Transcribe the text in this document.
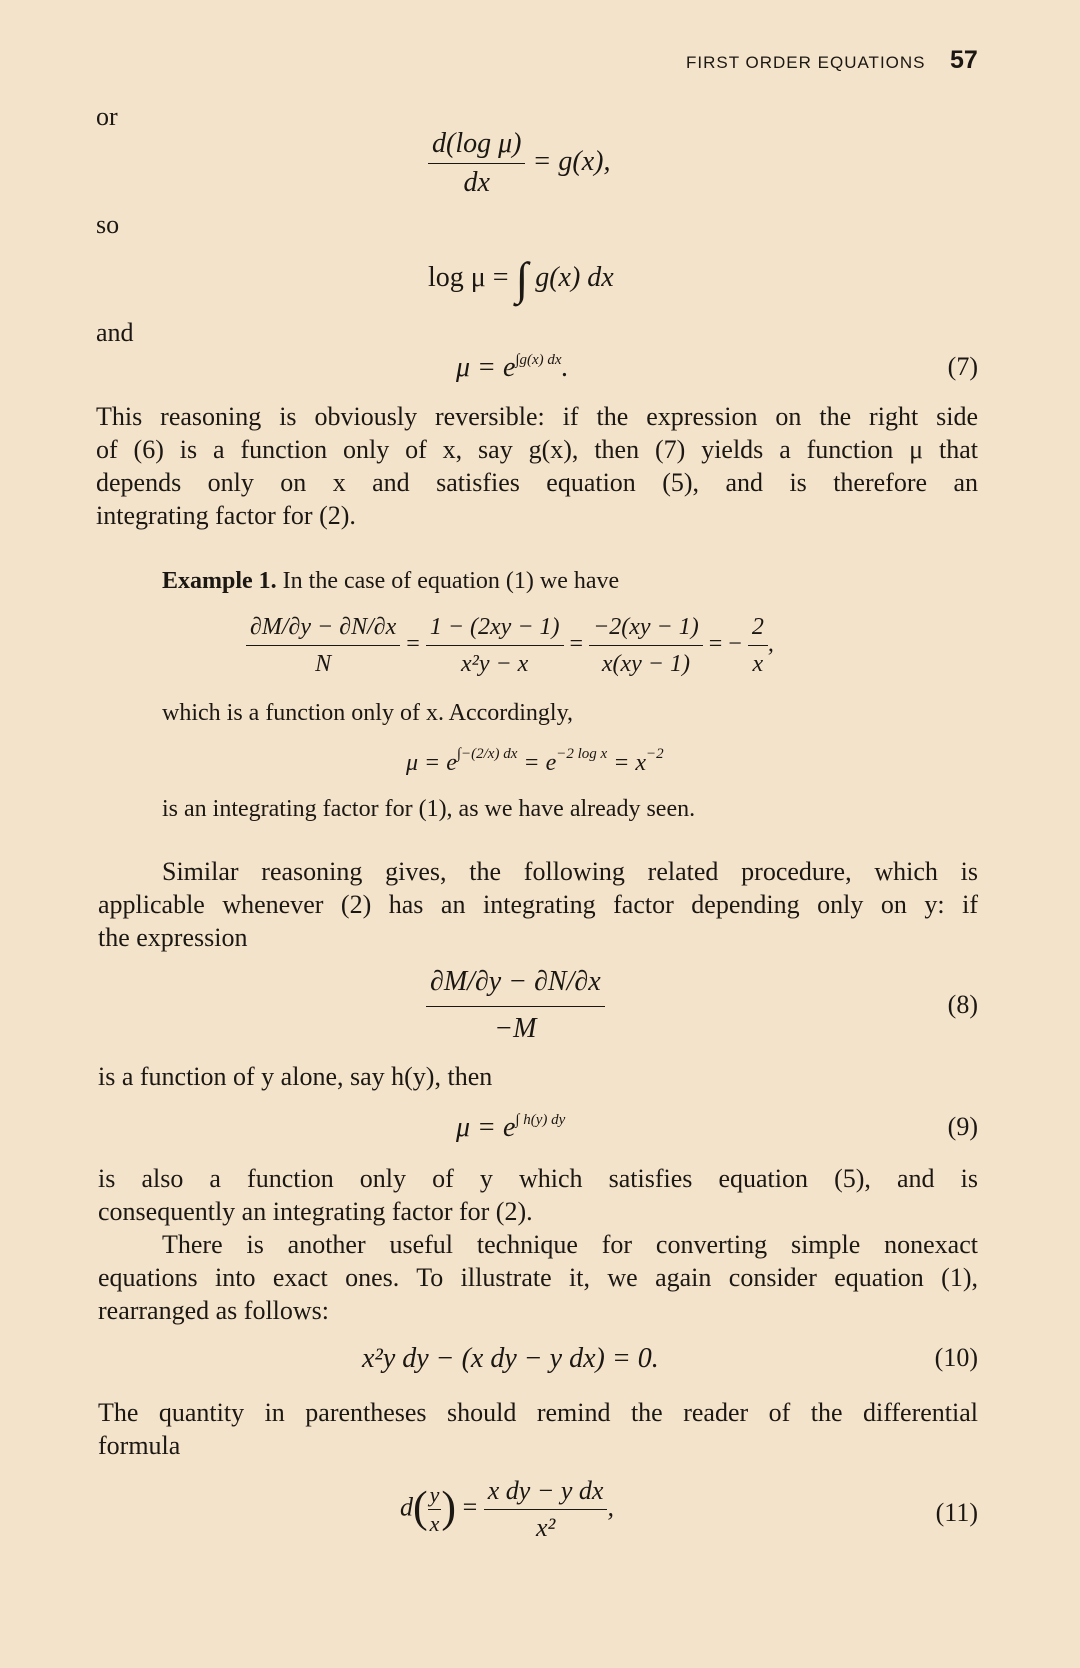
FIRST ORDER EQUATIONS 57
or
$\frac{\text{d(log μ)}}{dx} = g(x)$,
so
log μ = ∫ g(x) dx
and
$\mu = e^{\int g(x) dx}$.	(7)
This reasoning is obviously reversible: if the expression on the right side
of (6) is a function only of x, say g(x), then (7) yields a function μ that
depends only on x and satisfies equation (5), and is therefore an
integrating factor for (2).
Example 1. In the case of equation (1) we have
$\frac{\partial M/\partial y - \partial N/\partial x}{N} = \frac{1 - (2xy - 1)}{\text{x²y − x}} = \frac{-2(xy - 1)}{x(xy - 1)}$ = − $\frac{2}{x}$ ,
which is a function only of x. Accordingly,
$\mu = e^{\int-(2/x) dx} = e^{-2 log x} = x^{-2}$
is an integrating factor for (1), as we have already seen.
Similar reasoning gives, the following related procedure, which is
applicable whenever (2) has an integrating factor depending only on y: if
the expression
$\frac{\partial M/\partial y - \partial N/\partial x}{-M}$	(8)
is a function of y alone, say h(y), then
$\mu = e^{\int h(y) dy}$	(9)
is also a function only of y which satisfies equation (5), and is
consequently an integrating factor for (2).
There is another useful technique for converting simple nonexact
equations into exact ones. To illustrate it, we again consider equation (1),
rearranged as follows:
x²y dy − (x dy − y dx) = 0.	(10)
The quantity in parentheses should remind the reader of the differential
formula
$d( \frac{y}{x}$ ) = $\frac{\text{x dy − y dx}}{\text{x²}}$ ,	(11)
